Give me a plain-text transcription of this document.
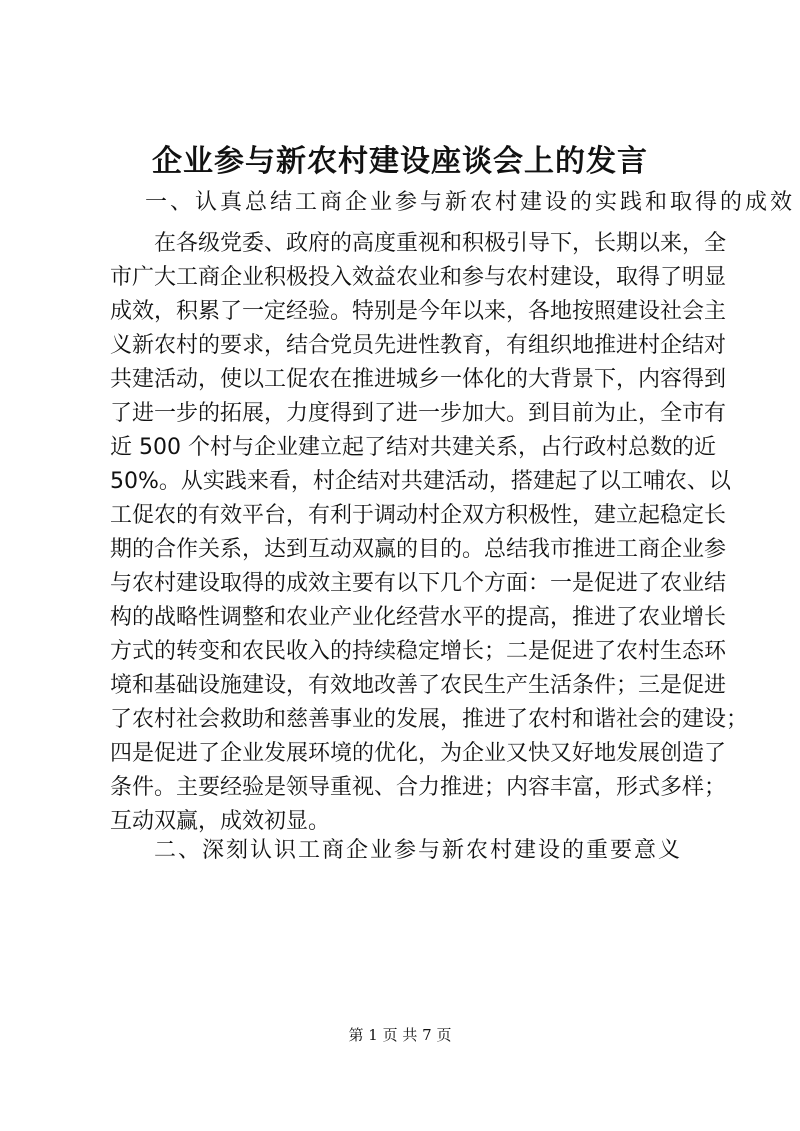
企业参与新农村建设座谈会上的发言

一、认真总结工商企业参与新农村建设的实践和取得的成效

在各级党委、政府的高度重视和积极引导下，长期以来，全
市广大工商企业积极投入效益农业和参与农村建设，取得了明显
成效，积累了一定经验。特别是今年以来，各地按照建设社会主
义新农村的要求，结合党员先进性教育，有组织地推进村企结对
共建活动，使以工促农在推进城乡一体化的大背景下，内容得到
了进一步的拓展，力度得到了进一步加大。到目前为止，全市有
近 500 个村与企业建立起了结对共建关系，占行政村总数的近
50%。从实践来看，村企结对共建活动，搭建起了以工哺农、以
工促农的有效平台，有利于调动村企双方积极性，建立起稳定长
期的合作关系，达到互动双赢的目的。总结我市推进工商企业参
与农村建设取得的成效主要有以下几个方面：一是促进了农业结
构的战略性调整和农业产业化经营水平的提高，推进了农业增长
方式的转变和农民收入的持续稳定增长；二是促进了农村生态环
境和基础设施建设，有效地改善了农民生产生活条件；三是促进
了农村社会救助和慈善事业的发展，推进了农村和谐社会的建设；
四是促进了企业发展环境的优化，为企业又快又好地发展创造了
条件。主要经验是领导重视、合力推进；内容丰富，形式多样；
互动双赢，成效初显。

二、深刻认识工商企业参与新农村建设的重要意义

第 1 页 共 7 页
